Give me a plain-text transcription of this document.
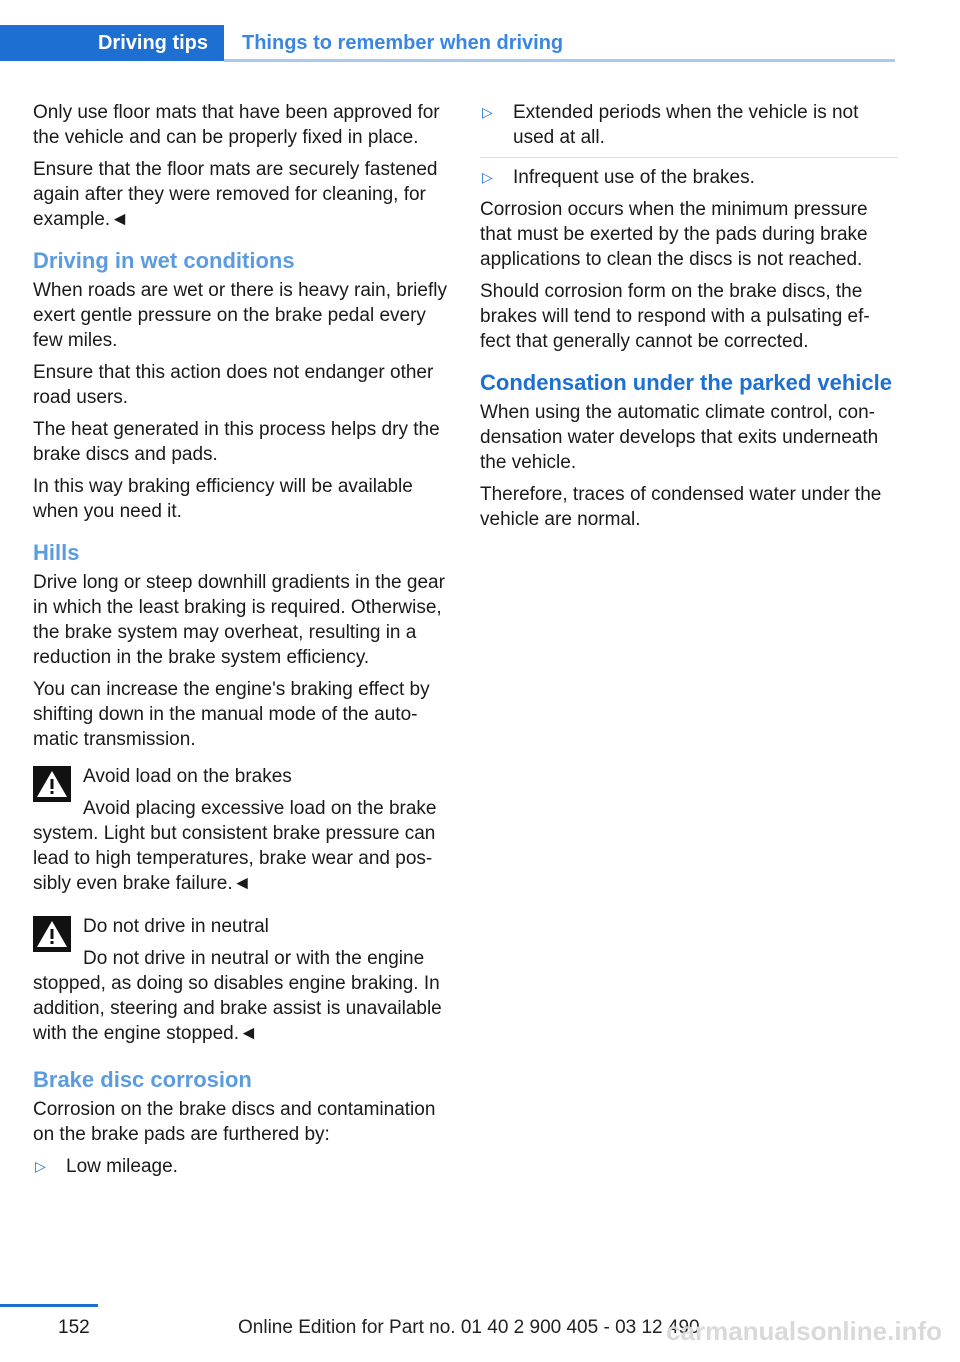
Driving tips	Things to remember when driving

Only use floor mats that have been approved for the vehicle and can be properly fixed in place.

Ensure that the floor mats are securely fastened again after they were removed for cleaning, for example.◄

Driving in wet conditions

When roads are wet or there is heavy rain, briefly exert gentle pressure on the brake pedal every few miles.

Ensure that this action does not endanger other road users.

The heat generated in this process helps dry the brake discs and pads.

In this way braking efficiency will be available when you need it.

Hills

Drive long or steep downhill gradients in the gear in which the least braking is required. Otherwise, the brake system may overheat, resulting in a reduction in the brake system efficiency.

You can increase the engine's braking effect by shifting down in the manual mode of the auto‐matic transmission.

Avoid load on the brakes
Avoid placing excessive load on the brake system. Light but consistent brake pressure can lead to high temperatures, brake wear and pos‐sibly even brake failure.◄
Do not drive in neutral
Do not drive in neutral or with the engine stopped, as doing so disables engine braking. In addition, steering and brake assist is unavailable with the engine stopped.◄
Brake disc corrosion

Corrosion on the brake discs and contamination on the brake pads are furthered by:

▷	Low mileage.
▷	Extended periods when the vehicle is not used at all.
▷	Infrequent use of the brakes.

Corrosion occurs when the minimum pressure that must be exerted by the pads during brake applications to clean the discs is not reached.

Should corrosion form on the brake discs, the brakes will tend to respond with a pulsating ef‐fect that generally cannot be corrected.

Condensation under the parked vehicle

When using the automatic climate control, con‐densation water develops that exits underneath the vehicle.

Therefore, traces of condensed water under the vehicle are normal.

152	Online Edition for Part no. 01 40 2 900 405 - 03 12 490
carmanualsonline.info
